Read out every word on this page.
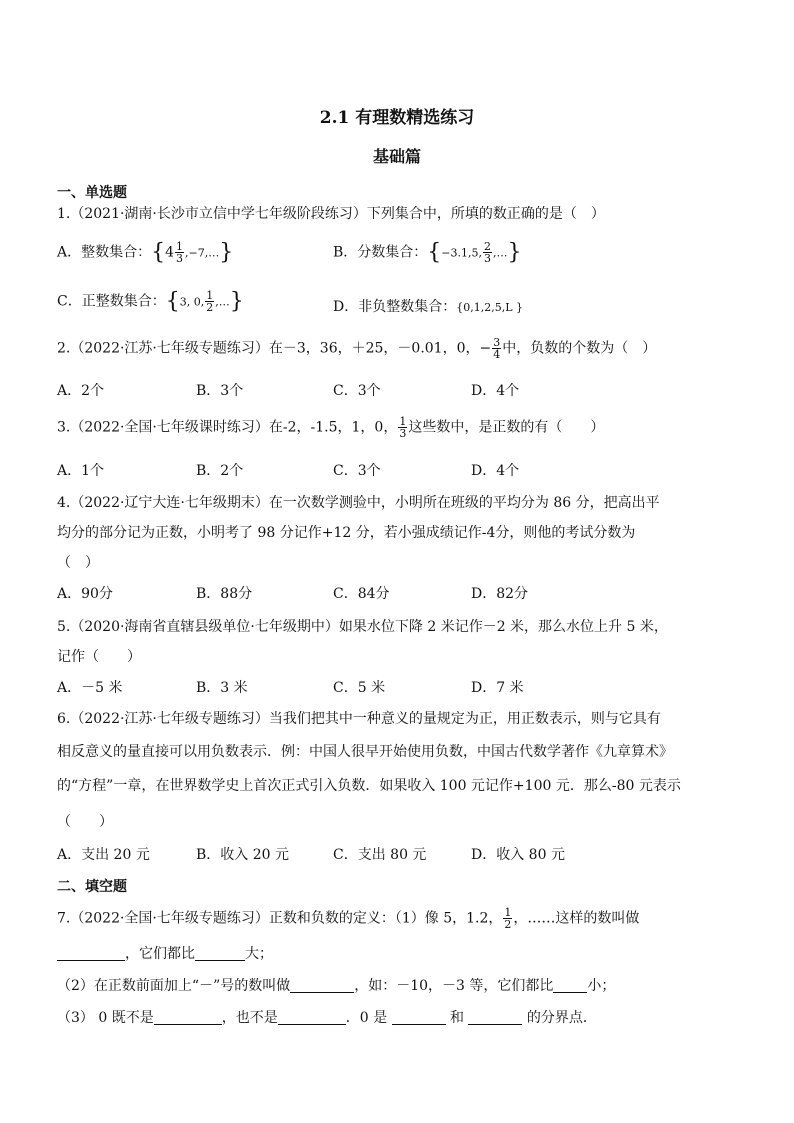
2.1 有理数精选练习
基础篇
一、单选题
1.（2021·湖南·长沙市立信中学七年级阶段练习）下列集合中，所填的数正确的是（　）
A．整数集合：{$4 \frac{1}{3}$ ,−7,…}	B．分数集合：{−3.1,5, $\frac{2}{3}$ ,…}
C．正整数集合：{3, 0, $\frac{1}{2}$ ,…}	D．非负整数集合：{0,1,2,5,L }
2.（2022·江苏·七年级专题练习）在－3，36，＋25，－0.01，0，− $\frac{3}{4}$ 中，负数的个数为（　）
A．2个	B．3个	C．3个	D．4个
3.（2022·全国·七年级课时练习）在-2，-1.5，1，0， $\frac{1}{3}$ 这些数中，是正数的有（　　）
A．1个	B．2个	C．3个	D．4个
4.（2022·辽宁大连·七年级期末）在一次数学测验中，小明所在班级的平均分为 86 分，把高出平
均分的部分记为正数，小明考了 98 分记作+12 分，若小强成绩记作-4分，则他的考试分数为
（　）
A．90分	B．88分	C．84分	D．82分
5.（2020·海南省直辖县级单位·七年级期中）如果水位下降 2 米记作－2 米，那么水位上升 5 米，
记作（　　）
A．－5 米	B．3 米	C．5 米	D．7 米
6.（2022·江苏·七年级专题练习）当我们把其中一种意义的量规定为正，用正数表示，则与它具有
相反意义的量直接可以用负数表示．例：中国人很早开始使用负数，中国古代数学著作《九章算术》
的“方程”一章，在世界数学史上首次正式引入负数．如果收入 100 元记作+100 元．那么-80 元表示
（　　）
A．支出 20 元	B．收入 20 元	C．支出 80 元	D．收入 80 元
二、填空题
7.（2022·全国·七年级专题练习）正数和负数的定义：（1）像 5，1.2， $\frac{1}{2}$ ，……这样的数叫做
，它们都比	大；
（2）在正数前面加上“－”号的数叫做	，如：－10，－3 等，它们都比 小；
（3） 0 既不是	，也不是	．0 是	和	的分界点．
